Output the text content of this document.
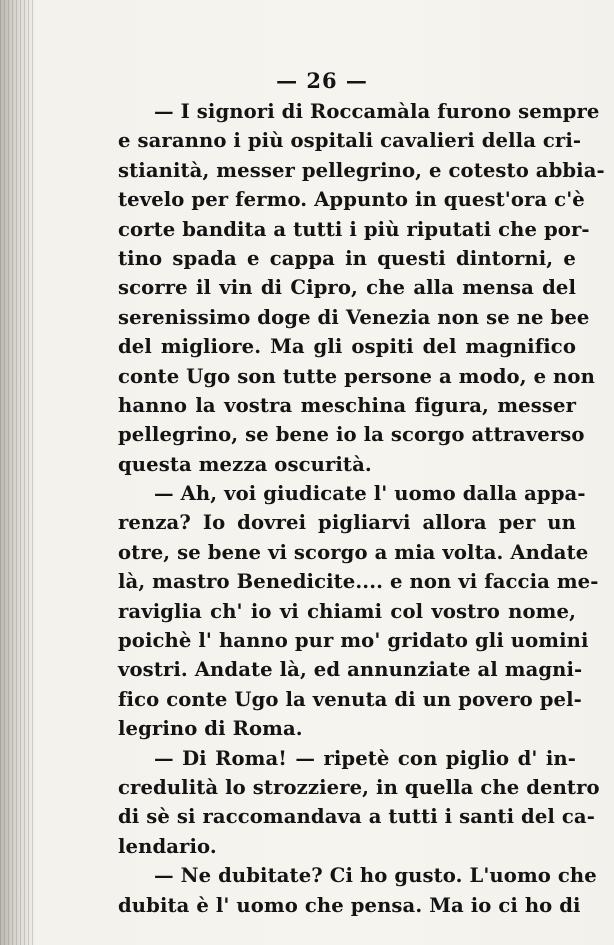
— 26 —
— I signori di Roccamàla furono sempre
e saranno i più ospitali cavalieri della cri-
stianità, messer pellegrino, e cotesto abbia-
tevelo per fermo. Appunto in quest'ora c'è
corte bandita a tutti i più riputati che por-
tino spada e cappa in questi dintorni, e
scorre il vin di Cipro, che alla mensa del
serenissimo doge di Venezia non se ne bee
del migliore. Ma gli ospiti del magnifico
conte Ugo son tutte persone a modo, e non
hanno la vostra meschina figura, messer
pellegrino, se bene io la scorgo attraverso
questa mezza oscurità.
— Ah, voi giudicate l' uomo dalla appa-
renza? Io dovrei pigliarvi allora per un
otre, se bene vi scorgo a mia volta. Andate
là, mastro Benedicite.... e non vi faccia me-
raviglia ch' io vi chiami col vostro nome,
poichè l' hanno pur mo' gridato gli uomini
vostri. Andate là, ed annunziate al magni-
fico conte Ugo la venuta di un povero pel-
legrino di Roma.
— Di Roma! — ripetè con piglio d' in-
credulità lo strozziere, in quella che dentro
di sè si raccomandava a tutti i santi del ca-
lendario.
— Ne dubitate? Ci ho gusto. L'uomo che
dubita è l' uomo che pensa. Ma io ci ho di
